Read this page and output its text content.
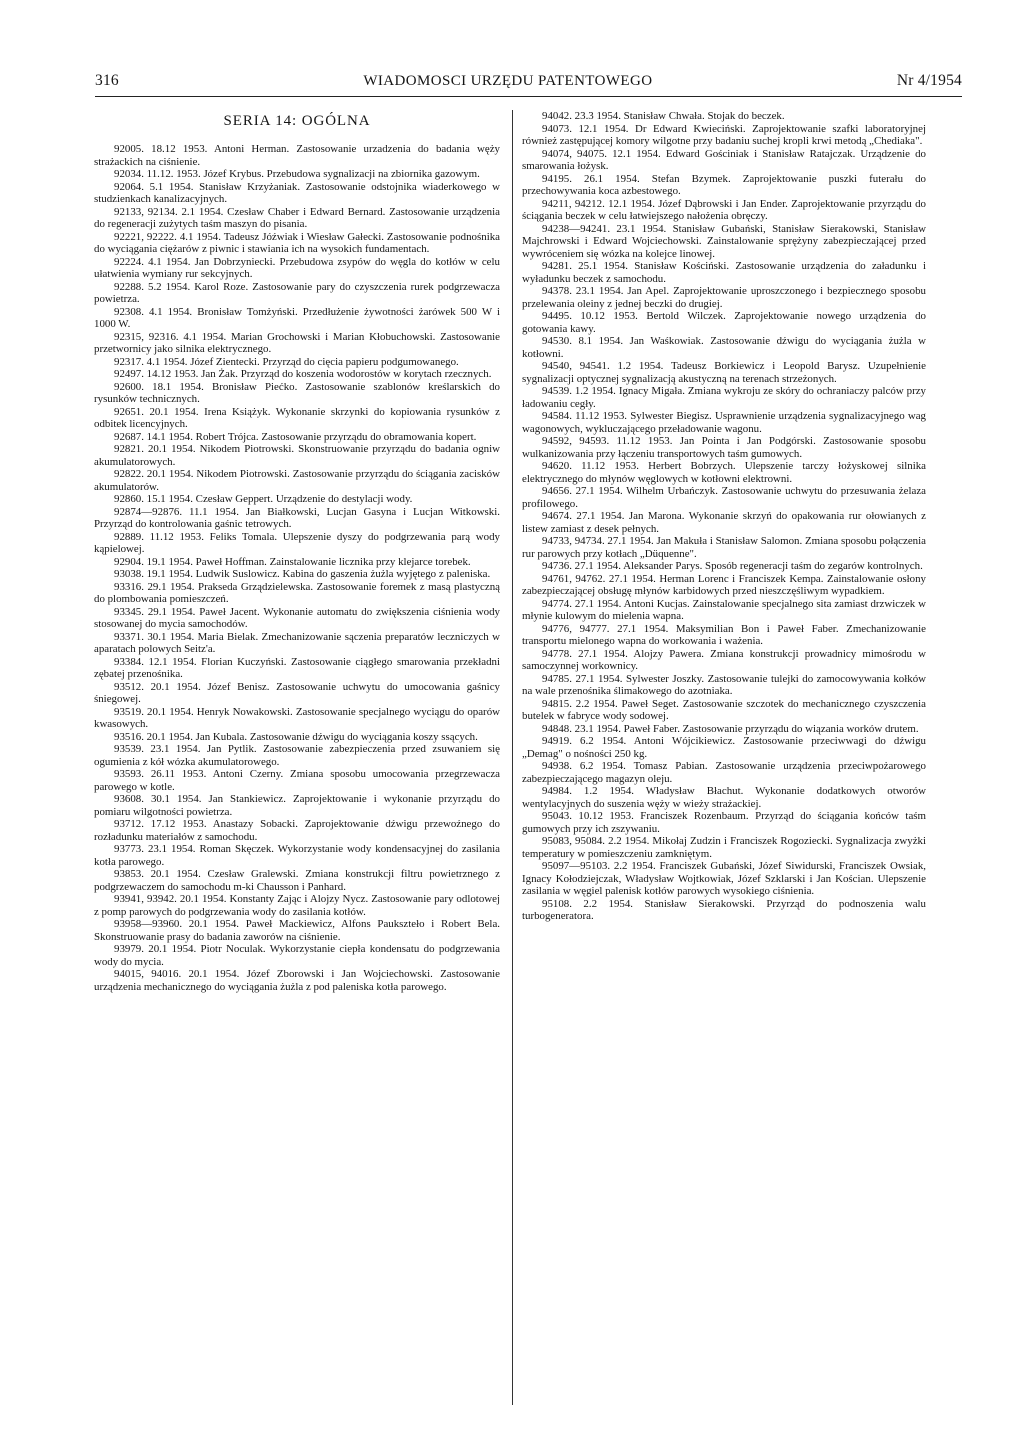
316	WIADOMOSCI URZĘDU PATENTOWEGO	Nr 4/1954
SERIA 14: OGÓLNA

92005. 18.12 1953. Antoni Herman. Zastosowanie urzadzenia do badania węży strażackich na ciśnienie.

92034. 11.12. 1953. Józef Krybus. Przebudowa sygnalizacji na zbiornika gazowym.

92064. 5.1 1954. Stanisław Krzyżaniak. Zastosowanie odstojnika wiaderkowego w studzienkach kanalizacyjnych.

92133, 92134. 2.1 1954. Czesław Chaber i Edward Bernard. Zastosowanie urządzenia do regeneracji zużytych taśm maszyn do pisania.

92221, 92222. 4.1 1954. Tadeusz Jóźwiak i Wiesław Gałecki. Zastosowanie podnośnika do wyciągania ciężarów z piwnic i stawiania ich na wysokich fundamentach.

92224. 4.1 1954. Jan Dobrzyniecki. Przebudowa zsypów do węgla do kotłów w celu ułatwienia wymiany rur sekcyjnych.

92288. 5.2 1954. Karol Roze. Zastosowanie pary do czyszczenia rurek podgrzewacza powietrza.

92308. 4.1 1954. Bronisław Tomżyński. Przedłużenie żywotności żarówek 500 W i 1000 W.

92315, 92316. 4.1 1954. Marian Grochowski i Marian Kłobuchowski. Zastosowanie przetwornicy jako silnika elektrycznego.

92317. 4.1 1954. Józef Zientecki. Przyrząd do cięcia papieru podgumowanego.

92497. 14.12 1953. Jan Żak. Przyrząd do koszenia wodorostów w korytach rzecznych.

92600. 18.1 1954. Bronisław Piećko. Zastosowanie szablonów kreślarskich do rysunków technicznych.

92651. 20.1 1954. Irena Książyk. Wykonanie skrzynki do kopiowania rysunków z odbitek licencyjnych.

92687. 14.1 1954. Robert Trójca. Zastosowanie przyrządu do obramowania kopert.

92821. 20.1 1954. Nikodem Piotrowski. Skonstruowanie przyrządu do badania ogniw akumulatorowych.

92822. 20.1 1954. Nikodem Piotrowski. Zastosowanie przyrządu do ściągania zacisków akumulatorów.

92860. 15.1 1954. Czesław Geppert. Urządzenie do destylacji wody.

92874—92876. 11.1 1954. Jan Białkowski, Lucjan Gasyna i Lucjan Witkowski. Przyrząd do kontrolowania gaśnic tetrowych.

92889. 11.12 1953. Feliks Tomala. Ulepszenie dyszy do podgrzewania parą wody kąpielowej.

92904. 19.1 1954. Paweł Hoffman. Zainstalowanie licznika przy klejarce torebek.

93038. 19.1 1954. Ludwik Suslowicz. Kabina do gaszenia żużla wyjętego z paleniska.

93316. 29.1 1954. Prakseda Grządzielewska. Zastosowanie foremek z masą plastyczną do plombowania pomieszczeń.

93345. 29.1 1954. Paweł Jacent. Wykonanie automatu do zwiększenia ciśnienia wody stosowanej do mycia samochodów.

93371. 30.1 1954. Maria Bielak. Zmechanizowanie sączenia preparatów leczniczych w aparatach polowych Seitz'a.

93384. 12.1 1954. Florian Kuczyński. Zastosowanie ciągłego smarowania przekładni zębatej przenośnika.

93512. 20.1 1954. Józef Benisz. Zastosowanie uchwytu do umocowania gaśnicy śniegowej.

93519. 20.1 1954. Henryk Nowakowski. Zastosowanie specjalnego wyciągu do oparów kwasowych.

93516. 20.1 1954. Jan Kubala. Zastosowanie dźwigu do wyciągania koszy ssących.

93539. 23.1 1954. Jan Pytlik. Zastosowanie zabezpieczenia przed zsuwaniem się ogumienia z kół wózka akumulatorowego.

93593. 26.11 1953. Antoni Czerny. Zmiana sposobu umocowania przegrzewacza parowego w kotle.

93608. 30.1 1954. Jan Stankiewicz. Zaprojektowanie i wykonanie przyrządu do pomiaru wilgotności powietrza.

93712. 17.12 1953. Anastazy Sobacki. Zaprojektowanie dźwigu przewoźnego do rozładunku materiałów z samochodu.

93773. 23.1 1954. Roman Skęczek. Wykorzystanie wody kondensacyjnej do zasilania kotła parowego.

93853. 20.1 1954. Czesław Gralewski. Zmiana konstrukcji filtru powietrznego z podgrzewaczem do samochodu m-ki Chausson i Panhard.

93941, 93942. 20.1 1954. Konstanty Zając i Alojzy Nycz. Zastosowanie pary odlotowej z pomp parowych do podgrzewania wody do zasilania kotłów.

93958—93960. 20.1 1954. Paweł Mackiewicz, Alfons Paukszteło i Robert Bela. Skonstruowanie prasy do badania zaworów na ciśnienie.

93979. 20.1 1954. Piotr Noculak. Wykorzystanie ciepła kondensatu do podgrzewania wody do mycia.

94015, 94016. 20.1 1954. Józef Zborowski i Jan Wojciechowski. Zastosowanie urządzenia mechanicznego do wyciągania żużla z pod paleniska kotła parowego.

94042. 23.3 1954. Stanisław Chwała. Stojak do beczek.

94073. 12.1 1954. Dr Edward Kwieciński. Zaprojektowanie szafki laboratoryjnej również zastępującej komory wilgotne przy badaniu suchej kropli krwi metodą „Chediaka".

94074, 94075. 12.1 1954. Edward Gościniak i Stanisław Ratajczak. Urządzenie do smarowania łożysk.

94195. 26.1 1954. Stefan Bzymek. Zaprojektowanie puszki futerału do przechowywania koca azbestowego.

94211, 94212. 12.1 1954. Józef Dąbrowski i Jan Ender. Zaprojektowanie przyrządu do ściągania beczek w celu łatwiejszego nałożenia obręczy.

94238—94241. 23.1 1954. Stanisław Gubański, Stanisław Sierakowski, Stanisław Majchrowski i Edward Wojciechowski. Zainstalowanie sprężyny zabezpieczającej przed wywróceniem się wózka na kolejce linowej.

94281. 25.1 1954. Stanisław Kościński. Zastosowanie urządzenia do załadunku i wyładunku beczek z samochodu.

94378. 23.1 1954. Jan Apel. Zaprojektowanie uproszczonego i bezpiecznego sposobu przelewania oleiny z jednej beczki do drugiej.

94495. 10.12 1953. Bertold Wilczek. Zaprojektowanie nowego urządzenia do gotowania kawy.

94530. 8.1 1954. Jan Waśkowiak. Zastosowanie dźwigu do wyciągania żużla w kotłowni.

94540, 94541. 1.2 1954. Tadeusz Borkiewicz i Leopold Barysz. Uzupełnienie sygnalizacji optycznej sygnalizacją akustyczną na terenach strzeżonych.

94539. 1.2 1954. Ignacy Migała. Zmiana wykroju ze skóry do ochraniaczy palców przy ładowaniu cegły.

94584. 11.12 1953. Sylwester Biegisz. Usprawnienie urządzenia sygnalizacyjnego wag wagonowych, wykluczającego przeładowanie wagonu.

94592, 94593. 11.12 1953. Jan Pointa i Jan Podgórski. Zastosowanie sposobu wulkanizowania przy łączeniu transportowych taśm gumowych.

94620. 11.12 1953. Herbert Bobrzych. Ulepszenie tarczy łożyskowej silnika elektrycznego do młynów węglowych w kotłowni elektrowni.

94656. 27.1 1954. Wilhelm Urbańczyk. Zastosowanie uchwytu do przesuwania żelaza profilowego.

94674. 27.1 1954. Jan Marona. Wykonanie skrzyń do opakowania rur ołowianych z listew zamiast z desek pełnych.

94733, 94734. 27.1 1954. Jan Makuła i Stanisław Salomon. Zmiana sposobu połączenia rur parowych przy kotłach „Düquenne".

94736. 27.1 1954. Aleksander Parys. Sposób regeneracji taśm do zegarów kontrolnych.

94761, 94762. 27.1 1954. Herman Lorenc i Franciszek Kempa. Zainstalowanie osłony zabezpieczającej obsługę młynów karbidowych przed nieszczęśliwym wypadkiem.

94774. 27.1 1954. Antoni Kucjas. Zainstalowanie specjalnego sita zamiast drzwiczek w młynie kulowym do mielenia wapna.

94776, 94777. 27.1 1954. Maksymilian Bon i Paweł Faber. Zmechanizowanie transportu mielonego wapna do workowania i ważenia.

94778. 27.1 1954. Alojzy Pawera. Zmiana konstrukcji prowadnicy mimośrodu w samoczynnej workownicy.

94785. 27.1 1954. Sylwester Joszky. Zastosowanie tulejki do zamocowywania kołków na wale przenośnika ślimakowego do azotniaka.

94815. 2.2 1954. Paweł Seget. Zastosowanie szczotek do mechanicznego czyszczenia butelek w fabryce wody sodowej.

94848. 23.1 1954. Paweł Faber. Zastosowanie przyrządu do wiązania worków drutem.

94919. 6.2 1954. Antoni Wójcikiewicz. Zastosowanie przeciwwagi do dźwigu „Demag" o nośności 250 kg.

94938. 6.2 1954. Tomasz Pabian. Zastosowanie urządzenia przeciwpożarowego zabezpieczającego magazyn oleju.

94984. 1.2 1954. Władysław Błachut. Wykonanie dodatkowych otworów wentylacyjnych do suszenia węży w wieży strażackiej.

95043. 10.12 1953. Franciszek Rozenbaum. Przyrząd do ściągania końców taśm gumowych przy ich zszywaniu.

95083, 95084. 2.2 1954. Mikołaj Zudzin i Franciszek Rogoziecki. Sygnalizacja zwyżki temperatury w pomieszczeniu zamkniętym.

95097—95103. 2.2 1954. Franciszek Gubański, Józef Siwidurski, Franciszek Owsiak, Ignacy Kołodziejczak, Władysław Wojtkowiak, Józef Szklarski i Jan Kościan. Ulepszenie zasilania w węgiel palenisk kotłów parowych wysokiego ciśnienia.

95108. 2.2 1954. Stanisław Sierakowski. Przyrząd do podnoszenia walu turbogeneratora.
